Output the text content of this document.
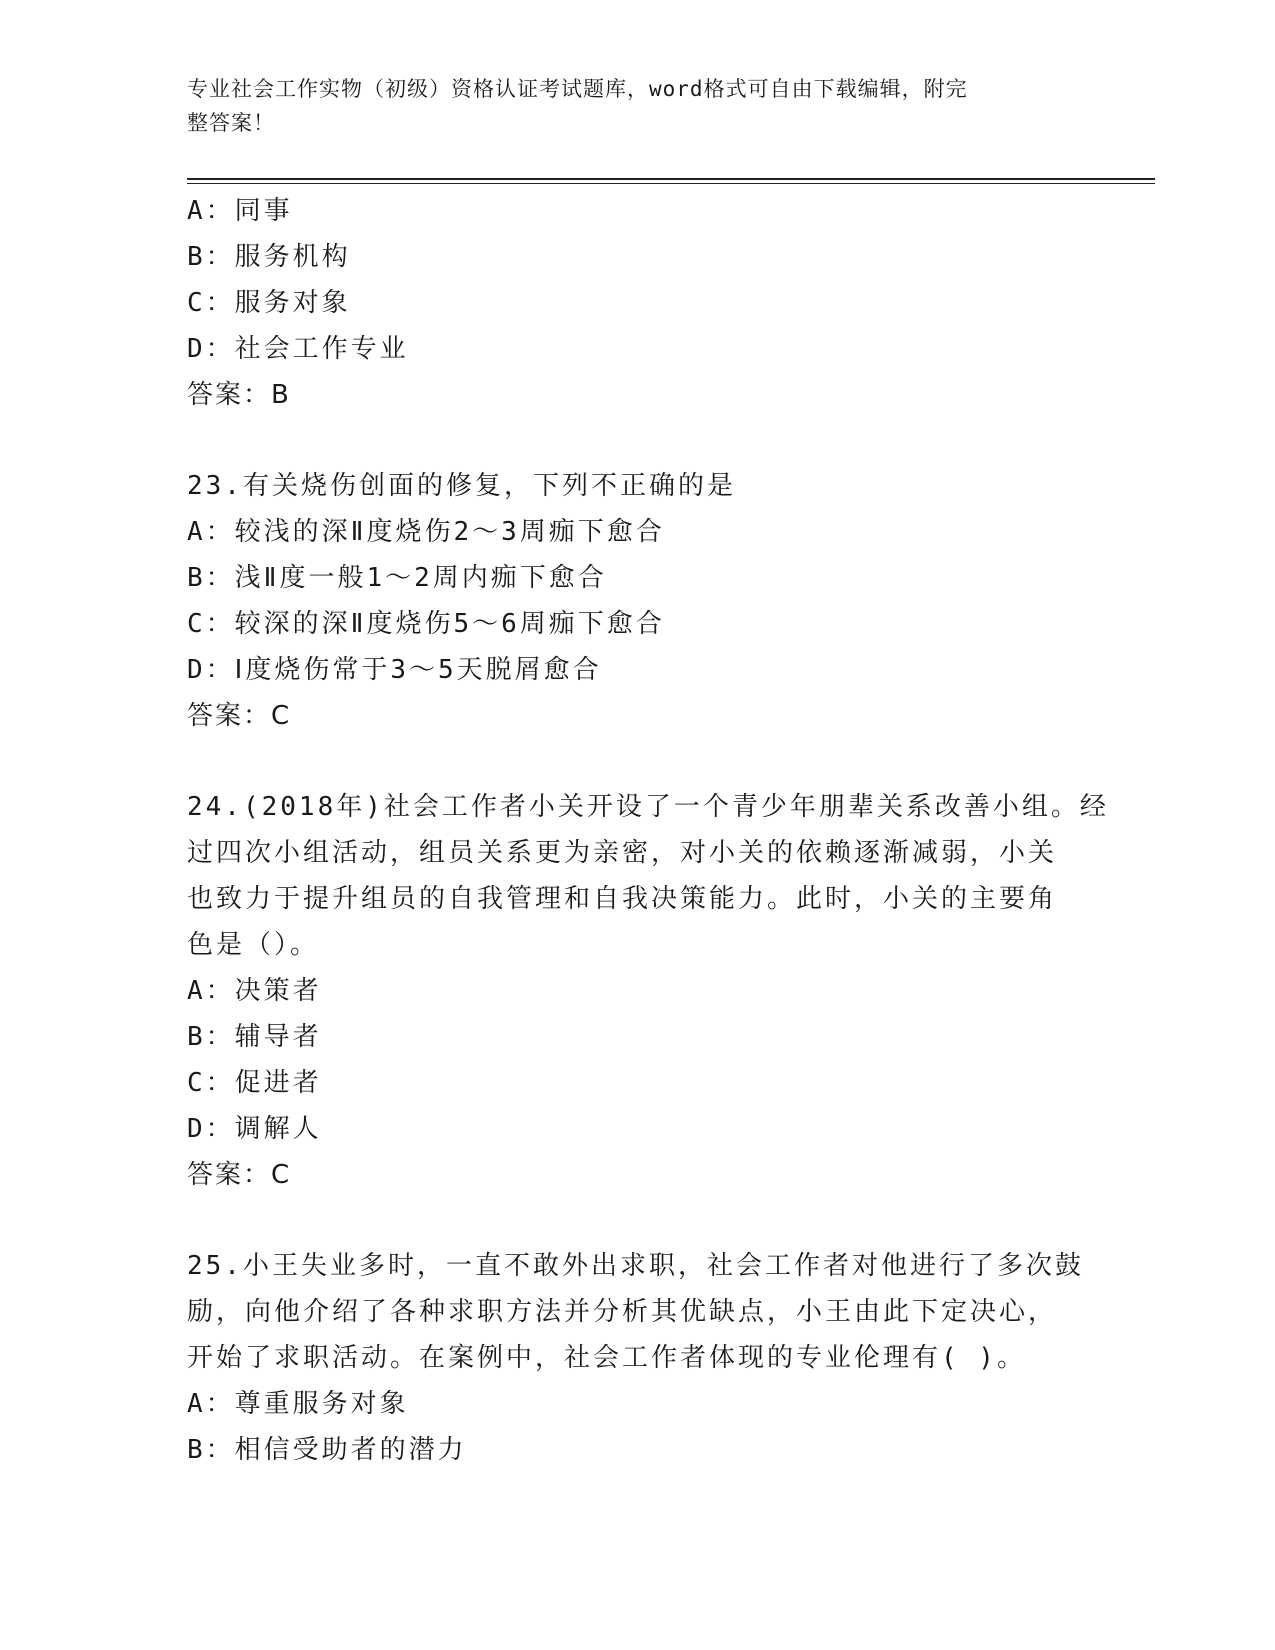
专业社会工作实物（初级）资格认证考试题库，word格式可自由下载编辑，附完
整答案！

A：同事

B：服务机构

C：服务对象

D：社会工作专业

答案：B

23.有关烧伤创面的修复，下列不正确的是

A：较浅的深Ⅱ度烧伤2～3周痂下愈合

B：浅Ⅱ度一般1～2周内痂下愈合

C：较深的深Ⅱ度烧伤5～6周痂下愈合

D：Ⅰ度烧伤常于3～5天脱屑愈合

答案：C

24.(2018年)社会工作者小关开设了一个青少年朋辈关系改善小组。经

过四次小组活动，组员关系更为亲密，对小关的依赖逐渐减弱，小关

也致力于提升组员的自我管理和自我决策能力。此时，小关的主要角

色是（）。

A：决策者

B：辅导者

C：促进者

D：调解人

答案：C

25.小王失业多时，一直不敢外出求职，社会工作者对他进行了多次鼓

励，向他介绍了各种求职方法并分析其优缺点，小王由此下定决心，

开始了求职活动。在案例中，社会工作者体现的专业伦理有( )。

A：尊重服务对象

B：相信受助者的潜力
